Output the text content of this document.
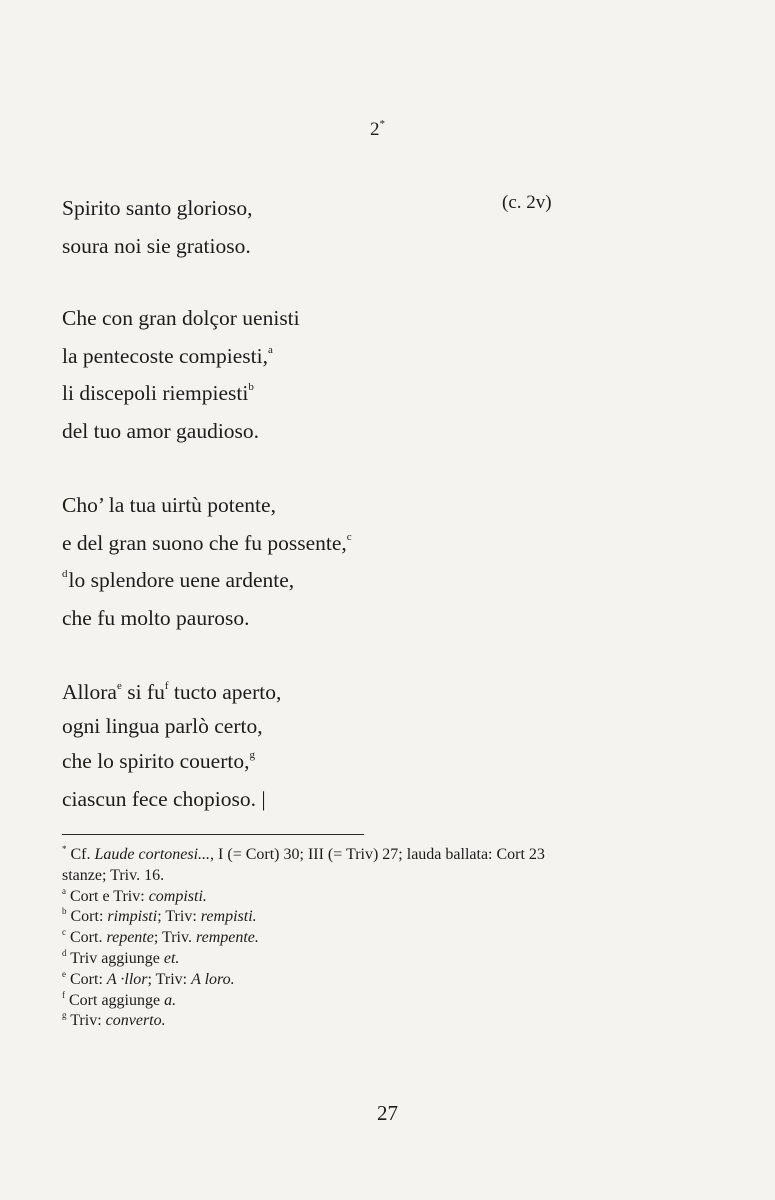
2*
(c. 2v)
Spirito santo glorioso,
soura noi sie gratioso.
Che con gran dolçor uenisti
la pentecoste compiesti,$^a$
li discepoli riempiesti$^b$
del tuo amor gaudioso.
Cho’ la tua uirtù potente,
e del gran suono che fu possente,$^c$
$^d$lo splendore uene ardente,
che fu molto pauroso.
Allora$^e$ si $fu^f$ tucto aperto,
ogni lingua parlò certo,
che lo spirito couerto,$^g$
ciascun fece chopioso. |
* Cf. Laude cortonesi..., I (= Cort) 30; III (= Triv) 27; lauda ballata: Cort 23
stanze; Triv. 16.
$^a$ Cort e Triv: compisti.
$^b$ Cort: rimpisti; Triv: rempisti.
$^c$ Cort. repente; Triv. rempente.
$^d$ Triv aggiunge et.
$^e$ Cort: A ·llor; Triv: A loro.
$^f$ Cort aggiunge a.
$^g$ Triv: converto.
27
